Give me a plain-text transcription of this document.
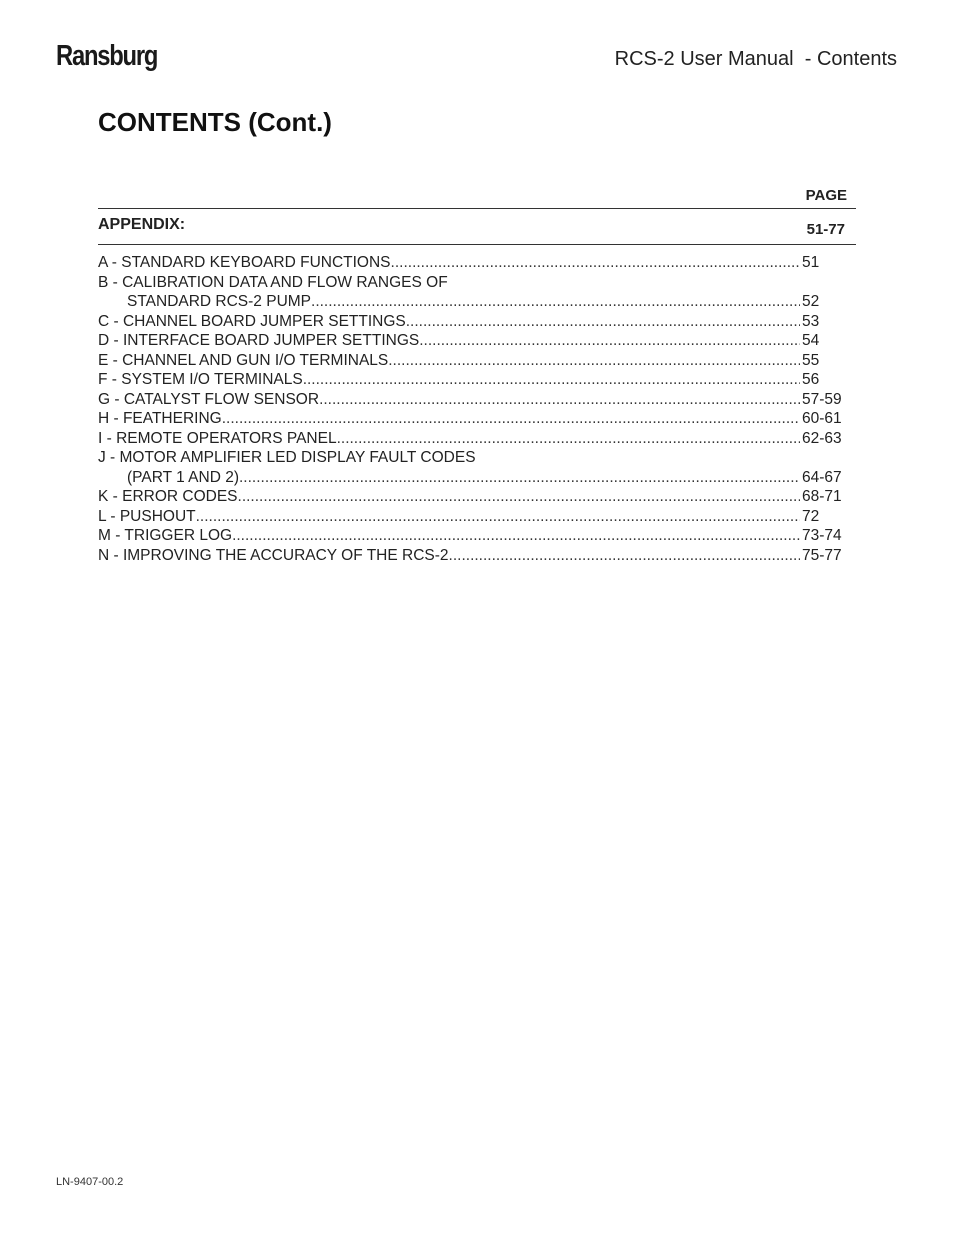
Ransburg	RCS-2 User Manual  - Contents
CONTENTS (Cont.)
PAGE
APPENDIX:	51-77
A - STANDARD KEYBOARD FUNCTIONS .....	51
B - CALIBRATION DATA AND FLOW RANGES OF
STANDARD RCS-2 PUMP .....	52
C - CHANNEL BOARD JUMPER SETTINGS .....	53
D - INTERFACE BOARD JUMPER SETTINGS .....	54
E - CHANNEL AND GUN I/O TERMINALS .....	55
F - SYSTEM I/O TERMINALS .....	56
G - CATALYST FLOW SENSOR .....	57-59
H - FEATHERING .....	60-61
I - REMOTE OPERATORS PANEL .....	62-63
J - MOTOR AMPLIFIER LED DISPLAY FAULT CODES
(PART 1 AND 2) .....	64-67
K - ERROR CODES .....	68-71
L - PUSHOUT .....	72
M - TRIGGER LOG .....	73-74
N - IMPROVING THE ACCURACY OF THE RCS-2 .....	75-77
LN-9407-00.2
